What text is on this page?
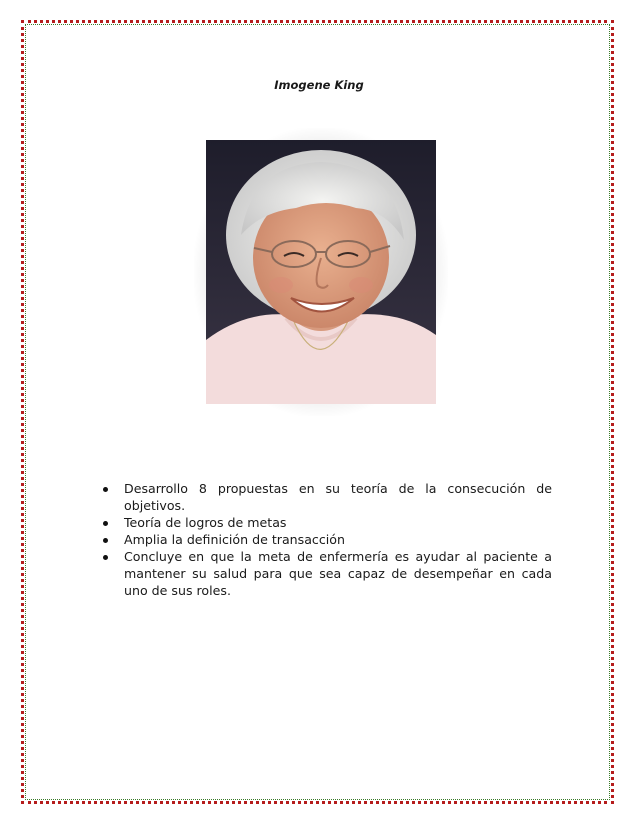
Imogene King
Desarrollo 8 propuestas en su teoría de la consecución de objetivos.
Teoría de logros de metas
Amplia la definición de transacción
Concluye en que la meta de enfermería es ayudar al paciente a mantener su salud para que sea capaz de desempeñar en cada uno de sus roles.
